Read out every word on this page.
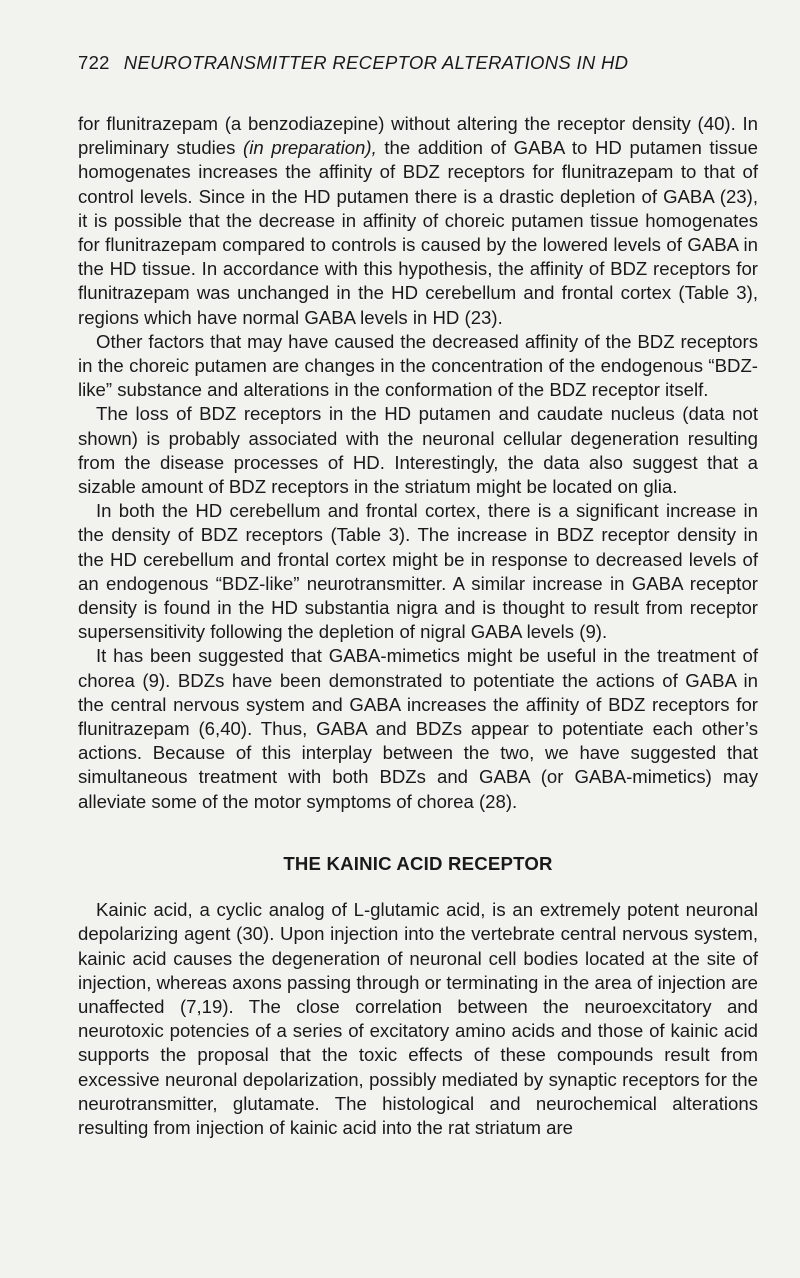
722 NEUROTRANSMITTER RECEPTOR ALTERATIONS IN HD

for flunitrazepam (a benzodiazepine) without altering the receptor density (40). In preliminary studies (in preparation), the addition of GABA to HD putamen tissue homogenates increases the affinity of BDZ receptors for flunitrazepam to that of control levels. Since in the HD putamen there is a drastic depletion of GABA (23), it is possible that the decrease in affinity of choreic putamen tissue homogenates for flunitrazepam compared to controls is caused by the lowered levels of GABA in the HD tissue. In accordance with this hypothesis, the affinity of BDZ receptors for flunitrazepam was unchanged in the HD cerebellum and frontal cortex (Table 3), regions which have normal GABA levels in HD (23).

Other factors that may have caused the decreased affinity of the BDZ receptors in the choreic putamen are changes in the concentration of the endogenous “BDZ-like” substance and alterations in the conformation of the BDZ receptor itself.

The loss of BDZ receptors in the HD putamen and caudate nucleus (data not shown) is probably associated with the neuronal cellular degeneration resulting from the disease processes of HD. Interestingly, the data also suggest that a sizable amount of BDZ receptors in the striatum might be located on glia.

In both the HD cerebellum and frontal cortex, there is a significant increase in the density of BDZ receptors (Table 3). The increase in BDZ receptor density in the HD cerebellum and frontal cortex might be in response to decreased levels of an endogenous “BDZ-like” neurotransmitter. A similar increase in GABA receptor density is found in the HD substantia nigra and is thought to result from receptor supersensitivity following the depletion of nigral GABA levels (9).

It has been suggested that GABA-mimetics might be useful in the treatment of chorea (9). BDZs have been demonstrated to potentiate the actions of GABA in the central nervous system and GABA increases the affinity of BDZ receptors for flunitrazepam (6,40). Thus, GABA and BDZs appear to potentiate each other’s actions. Because of this interplay between the two, we have suggested that simultaneous treatment with both BDZs and GABA (or GABA-mimetics) may alleviate some of the motor symptoms of chorea (28).

THE KAINIC ACID RECEPTOR

Kainic acid, a cyclic analog of L-glutamic acid, is an extremely potent neuronal depolarizing agent (30). Upon injection into the vertebrate central nervous system, kainic acid causes the degeneration of neuronal cell bodies located at the site of injection, whereas axons passing through or terminating in the area of injection are unaffected (7,19). The close correlation between the neuroexcitatory and neurotoxic potencies of a series of excitatory amino acids and those of kainic acid supports the proposal that the toxic effects of these compounds result from excessive neuronal depolarization, possibly mediated by synaptic receptors for the neurotransmitter, glutamate. The histological and neurochemical alterations resulting from injection of kainic acid into the rat striatum are
